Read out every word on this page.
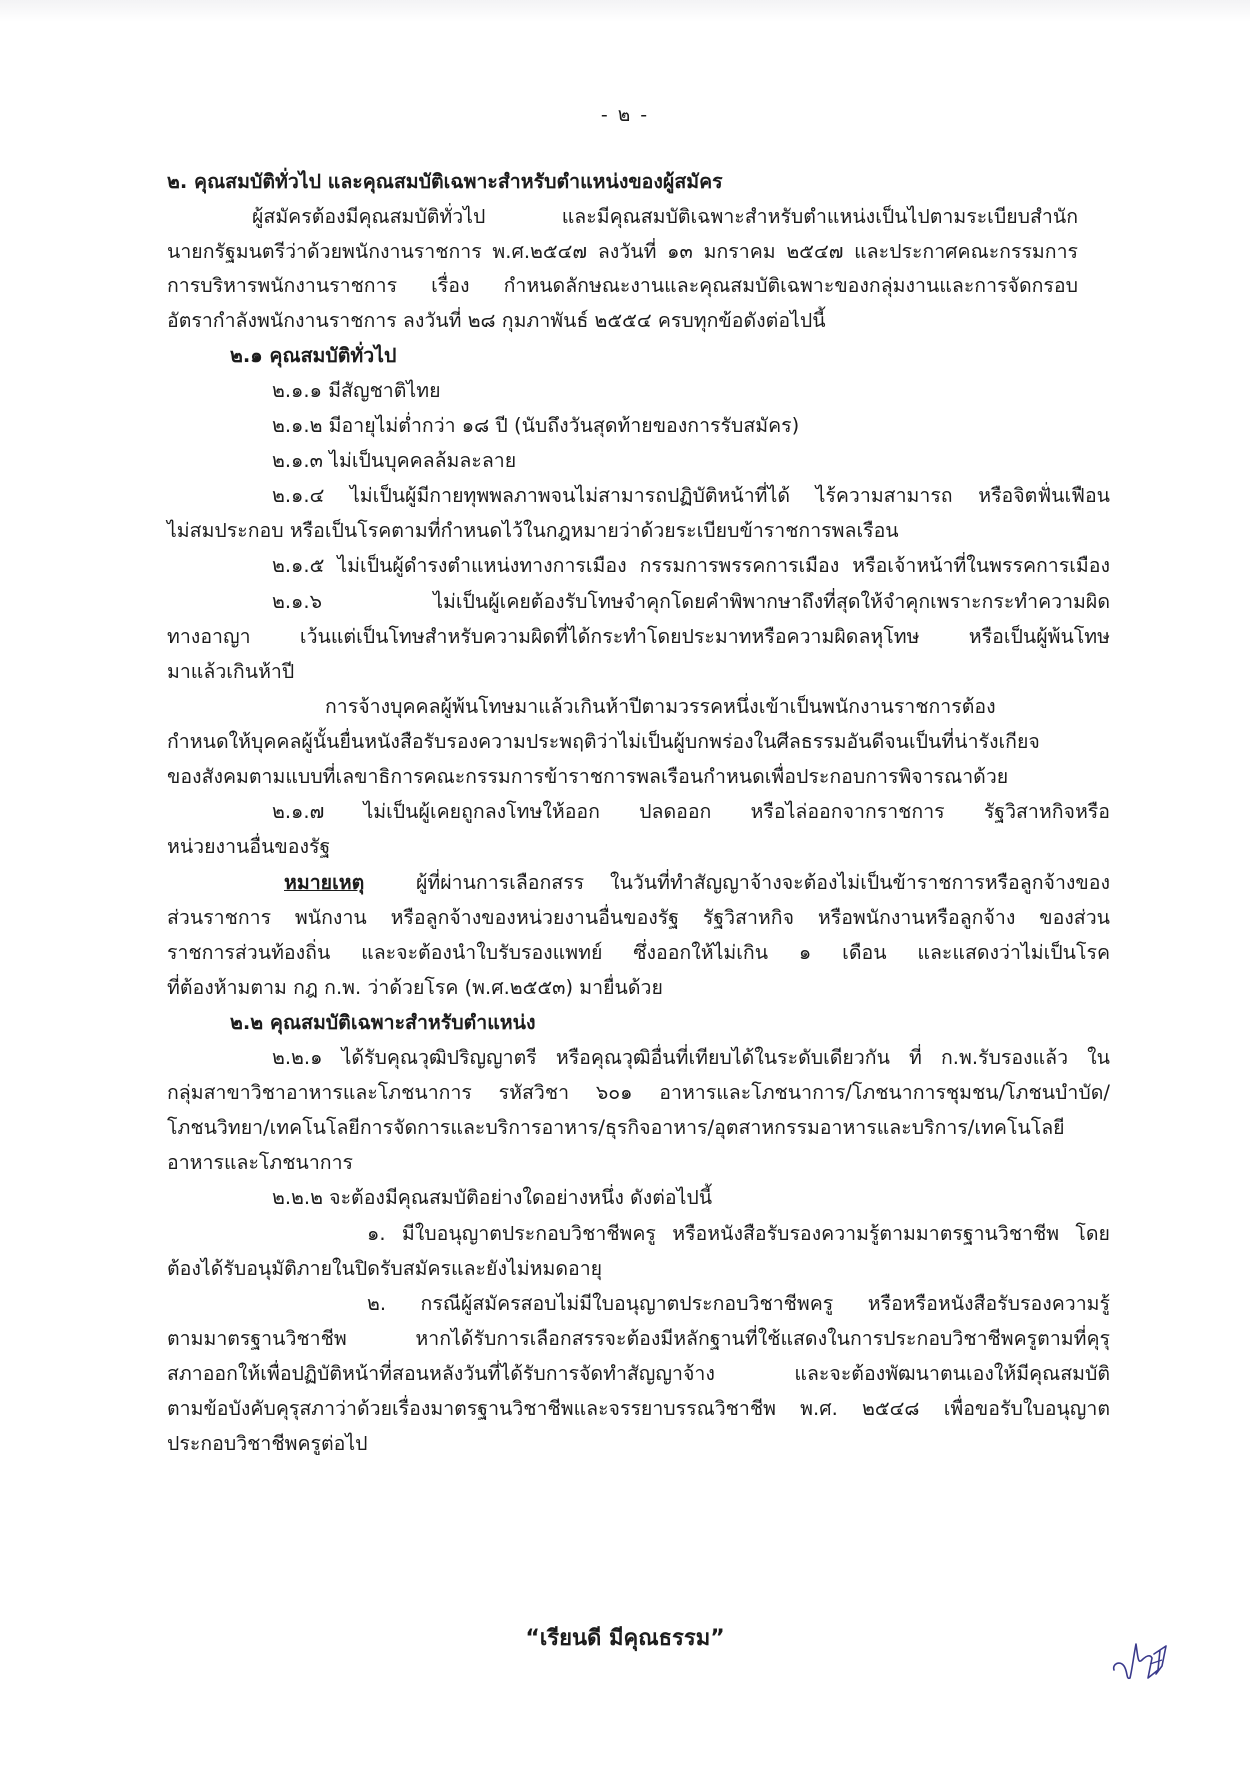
- ๒ -
๒. คุณสมบัติทั่วไป และคุณสมบัติเฉพาะสำหรับตำแหน่งของผู้สมัคร
ผู้สมัครต้องมีคุณสมบัติทั่วไป และมีคุณสมบัติเฉพาะสำหรับตำแหน่งเป็นไปตามระเบียบสำนัก
นายกรัฐมนตรีว่าด้วยพนักงานราชการ พ.ศ.๒๕๔๗ ลงวันที่ ๑๓ มกราคม ๒๕๔๗ และประกาศคณะกรรมการ
การบริหารพนักงานราชการ เรื่อง กำหนดลักษณะงานและคุณสมบัติเฉพาะของกลุ่มงานและการจัดกรอบ
อัตรากำลังพนักงานราชการ ลงวันที่ ๒๘ กุมภาพันธ์ ๒๕๕๔ ครบทุกข้อดังต่อไปนี้
๒.๑ คุณสมบัติทั่วไป
๒.๑.๑ มีสัญชาติไทย
๒.๑.๒ มีอายุไม่ต่ำกว่า ๑๘ ปี (นับถึงวันสุดท้ายของการรับสมัคร)
๒.๑.๓ ไม่เป็นบุคคลล้มละลาย
๒.๑.๔ ไม่เป็นผู้มีกายทุพพลภาพจนไม่สามารถปฏิบัติหน้าที่ได้ ไร้ความสามารถ หรือจิตฟั่นเฟือน
ไม่สมประกอบ หรือเป็นโรคตามที่กำหนดไว้ในกฎหมายว่าด้วยระเบียบข้าราชการพลเรือน
๒.๑.๕ ไม่เป็นผู้ดำรงตำแหน่งทางการเมือง กรรมการพรรคการเมือง หรือเจ้าหน้าที่ในพรรคการเมือง
๒.๑.๖ ไม่เป็นผู้เคยต้องรับโทษจำคุกโดยคำพิพากษาถึงที่สุดให้จำคุกเพราะกระทำความผิด
ทางอาญา เว้นแต่เป็นโทษสำหรับความผิดที่ได้กระทำโดยประมาทหรือความผิดลหุโทษ หรือเป็นผู้พ้นโทษ
มาแล้วเกินห้าปี
การจ้างบุคคลผู้พ้นโทษมาแล้วเกินห้าปีตามวรรคหนึ่งเข้าเป็นพนักงานราชการต้อง
กำหนดให้บุคคลผู้นั้นยื่นหนังสือรับรองความประพฤติว่าไม่เป็นผู้บกพร่องในศีลธรรมอันดีจนเป็นที่น่ารังเกียจ
ของสังคมตามแบบที่เลขาธิการคณะกรรมการข้าราชการพลเรือนกำหนดเพื่อประกอบการพิจารณาด้วย
๒.๑.๗ ไม่เป็นผู้เคยถูกลงโทษให้ออก ปลดออก หรือไล่ออกจากราชการ รัฐวิสาหกิจหรือ
หน่วยงานอื่นของรัฐ
หมายเหตุ ผู้ที่ผ่านการเลือกสรร ในวันที่ทำสัญญาจ้างจะต้องไม่เป็นข้าราชการหรือลูกจ้างของ
ส่วนราชการ พนักงาน หรือลูกจ้างของหน่วยงานอื่นของรัฐ รัฐวิสาหกิจ หรือพนักงานหรือลูกจ้าง ของส่วน
ราชการส่วนท้องถิ่น และจะต้องนำใบรับรองแพทย์ ซึ่งออกให้ไม่เกิน ๑ เดือน และแสดงว่าไม่เป็นโรค
ที่ต้องห้ามตาม กฎ ก.พ. ว่าด้วยโรค (พ.ศ.๒๕๕๓) มายื่นด้วย
๒.๒ คุณสมบัติเฉพาะสำหรับตำแหน่ง
๒.๒.๑ ได้รับคุณวุฒิปริญญาตรี หรือคุณวุฒิอื่นที่เทียบได้ในระดับเดียวกัน ที่ ก.พ.รับรองแล้ว ใน
กลุ่มสาขาวิชาอาหารและโภชนาการ รหัสวิชา ๖๐๑ อาหารและโภชนาการ/โภชนาการชุมชน/โภชนบำบัด/
โภชนวิทยา/เทคโนโลยีการจัดการและบริการอาหาร/ธุรกิจอาหาร/อุตสาหกรรมอาหารและบริการ/เทคโนโลยี
อาหารและโภชนาการ
๒.๒.๒ จะต้องมีคุณสมบัติอย่างใดอย่างหนึ่ง ดังต่อไปนี้
๑. มีใบอนุญาตประกอบวิชาชีพครู หรือหนังสือรับรองความรู้ตามมาตรฐานวิชาชีพ โดย
ต้องได้รับอนุมัติภายในปิดรับสมัครและยังไม่หมดอายุ
๒. กรณีผู้สมัครสอบไม่มีใบอนุญาตประกอบวิชาชีพครู หรือหรือหนังสือรับรองความรู้
ตามมาตรฐานวิชาชีพ หากได้รับการเลือกสรรจะต้องมีหลักฐานที่ใช้แสดงในการประกอบวิชาชีพครูตามที่คุรุ
สภาออกให้เพื่อปฏิบัติหน้าที่สอนหลังวันที่ได้รับการจัดทำสัญญาจ้าง และจะต้องพัฒนาตนเองให้มีคุณสมบัติ
ตามข้อบังคับคุรุสภาว่าด้วยเรื่องมาตรฐานวิชาชีพและจรรยาบรรณวิชาชีพ พ.ศ. ๒๕๔๘ เพื่อขอรับใบอนุญาต
ประกอบวิชาชีพครูต่อไป
“เรียนดี มีคุณธรรม”
